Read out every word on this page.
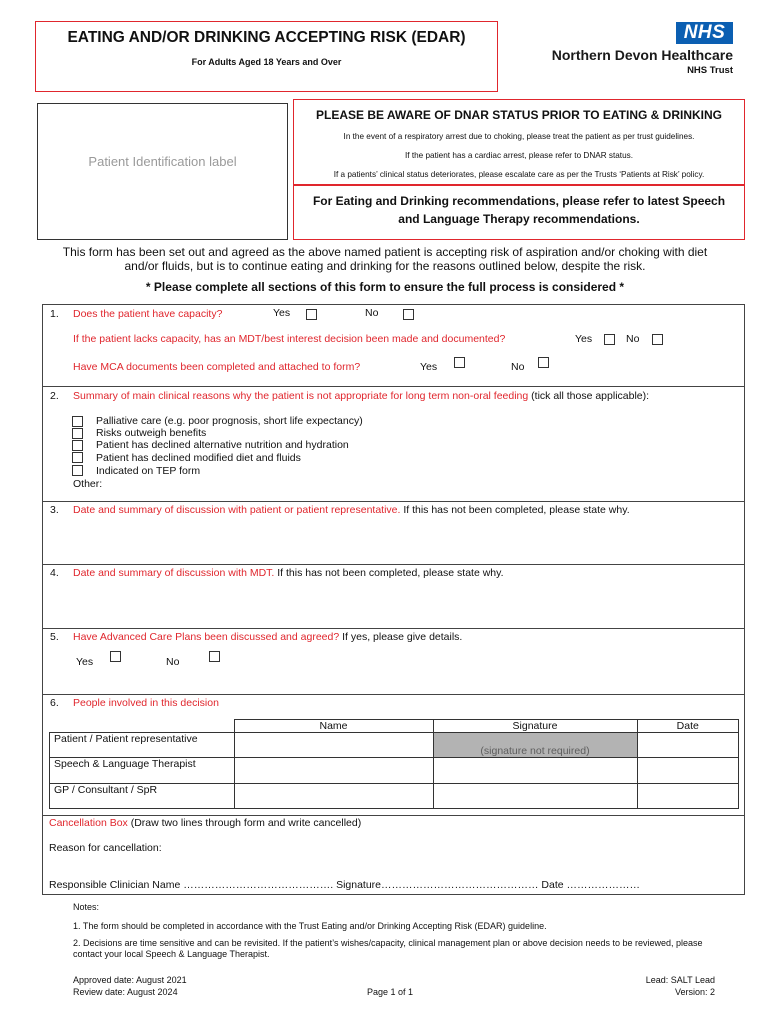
EATING AND/OR DRINKING ACCEPTING RISK (EDAR)
For Adults Aged 18 Years and Over
NHS
Northern Devon Healthcare
NHS Trust
Patient Identification label
PLEASE BE AWARE OF DNAR STATUS PRIOR TO EATING & DRINKING
In the event of a respiratory arrest due to choking, please treat the patient as per trust guidelines.
If the patient has a cardiac arrest, please refer to DNAR status.
If a patients’ clinical status deteriorates, please escalate care as per the Trusts ‘Patients at Risk’ policy.
For Eating and Drinking recommendations, please refer to latest Speech and Language Therapy recommendations.
This form has been set out and agreed as the above named patient is accepting risk of aspiration and/or choking with diet and/or fluids, but is to continue eating and drinking for the reasons outlined below, despite the risk.
* Please complete all sections of this form to ensure the full process is considered *
1. Does the patient have capacity?	Yes	No
If the patient lacks capacity, has an MDT/best interest decision been made and documented?	Yes	No
Have MCA documents been completed and attached to form?	Yes	No
2. Summary of main clinical reasons why the patient is not appropriate for long term non-oral feeding (tick all those applicable):
Palliative care (e.g. poor prognosis, short life expectancy)
Risks outweigh benefits
Patient has declined alternative nutrition and hydration
Patient has declined modified diet and fluids
Indicated on TEP form
Other:
3. Date and summary of discussion with patient or patient representative. If this has not been completed, please state why.
4. Date and summary of discussion with MDT. If this has not been completed, please state why.
5. Have Advanced Care Plans been discussed and agreed? If yes, please give details.
Yes	No
6. People involved in this decision
	Name	Signature	Date
Patient / Patient representative		(signature not required)	
Speech & Language Therapist			
GP / Consultant / SpR			
Cancellation Box (Draw two lines through form and write cancelled)
Reason for cancellation:
Responsible Clinician Name ……………………………………. Signature……………………………………… Date …………………
Notes:
1. The form should be completed in accordance with the Trust Eating and/or Drinking Accepting Risk (EDAR) guideline.
2. Decisions are time sensitive and can be revisited. If the patient’s wishes/capacity, clinical management plan or above decision needs to be reviewed, please contact your local Speech & Language Therapist.
Approved date: August 2021
Review date: August 2024	Page 1 of 1
Lead: SALT Lead
Version: 2
